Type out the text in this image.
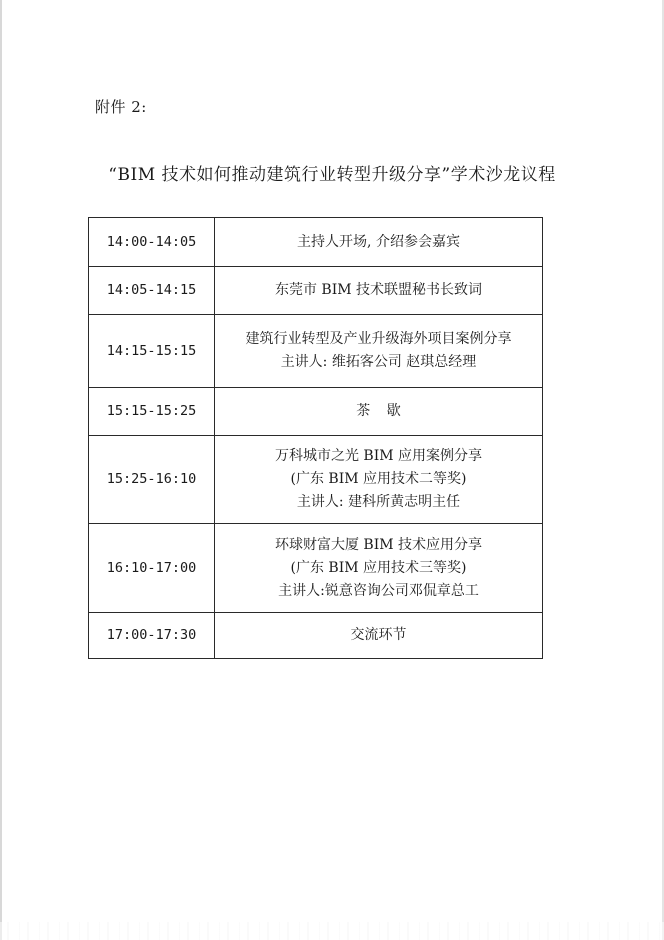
附件 2:
“BIM 技术如何推动建筑行业转型升级分享”学术沙龙议程
14:00-14:05	主持人开场, 介绍参会嘉宾

14:05-14:15	东莞市 BIM 技术联盟秘书长致词

14:15-15:15	建筑行业转型及产业升级海外项目案例分享
主讲人: 维拓客公司 赵琪总经理

15:15-15:25	茶 歇

15:25-16:10	万科城市之光 BIM 应用案例分享
(广东 BIM 应用技术二等奖)
主讲人: 建科所黄志明主任

16:10-17:00	环球财富大厦 BIM 技术应用分享
(广东 BIM 应用技术三等奖)
主讲人:锐意咨询公司邓侃章总工

17:00-17:30	交流环节
